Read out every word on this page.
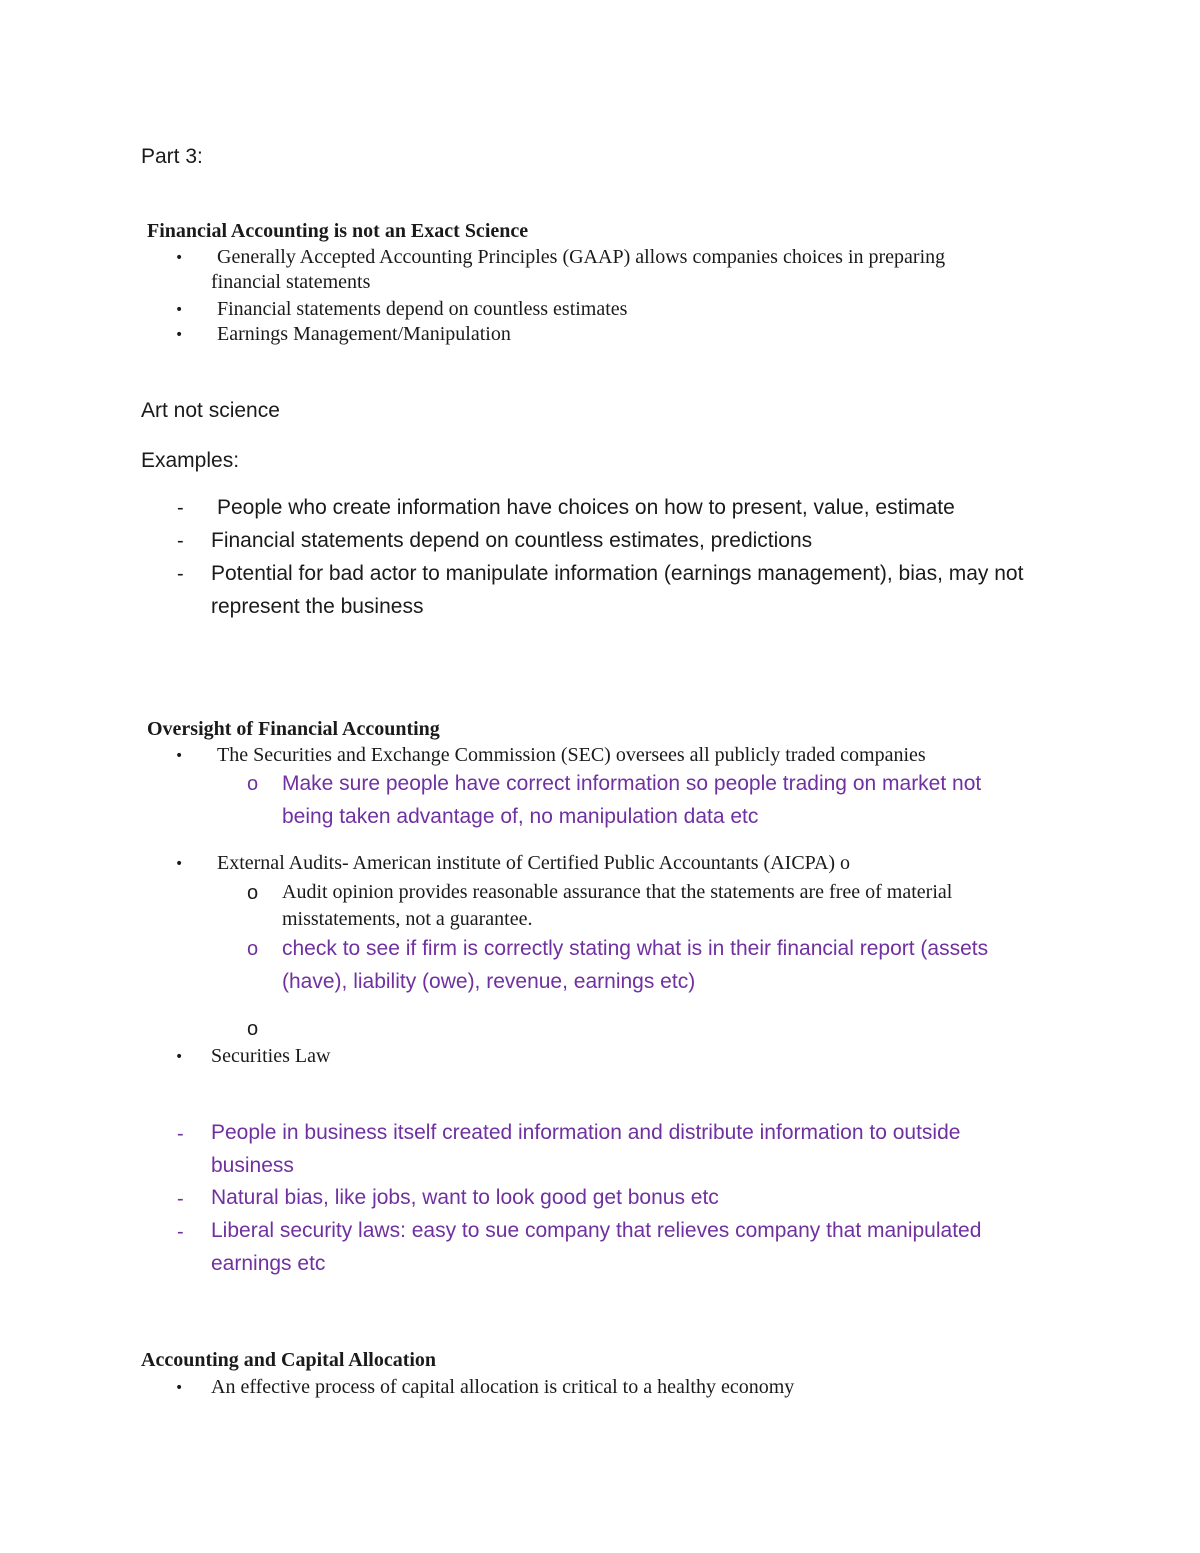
Part 3:
Financial Accounting is not an Exact Science
• Generally Accepted Accounting Principles (GAAP) allows companies choices in preparing
financial statements
• Financial statements depend on countless estimates
• Earnings Management/Manipulation
Art not science
Examples:
- People who create information have choices on how to present, value, estimate
- Financial statements depend on countless estimates, predictions
- Potential for bad actor to manipulate information (earnings management), bias, may not
represent the business
Oversight of Financial Accounting
• The Securities and Exchange Commission (SEC) oversees all publicly traded companies
o Make sure people have correct information so people trading on market not
being taken advantage of, no manipulation data etc
• External Audits- American institute of Certified Public Accountants (AICPA) o
o Audit opinion provides reasonable assurance that the statements are free of material
misstatements, not a guarantee.
o check to see if firm is correctly stating what is in their financial report (assets
(have), liability (owe), revenue, earnings etc)
o
• Securities Law
- People in business itself created information and distribute information to outside
business
- Natural bias, like jobs, want to look good get bonus etc
- Liberal security laws: easy to sue company that relieves company that manipulated
earnings etc
Accounting and Capital Allocation
• An effective process of capital allocation is critical to a healthy economy
